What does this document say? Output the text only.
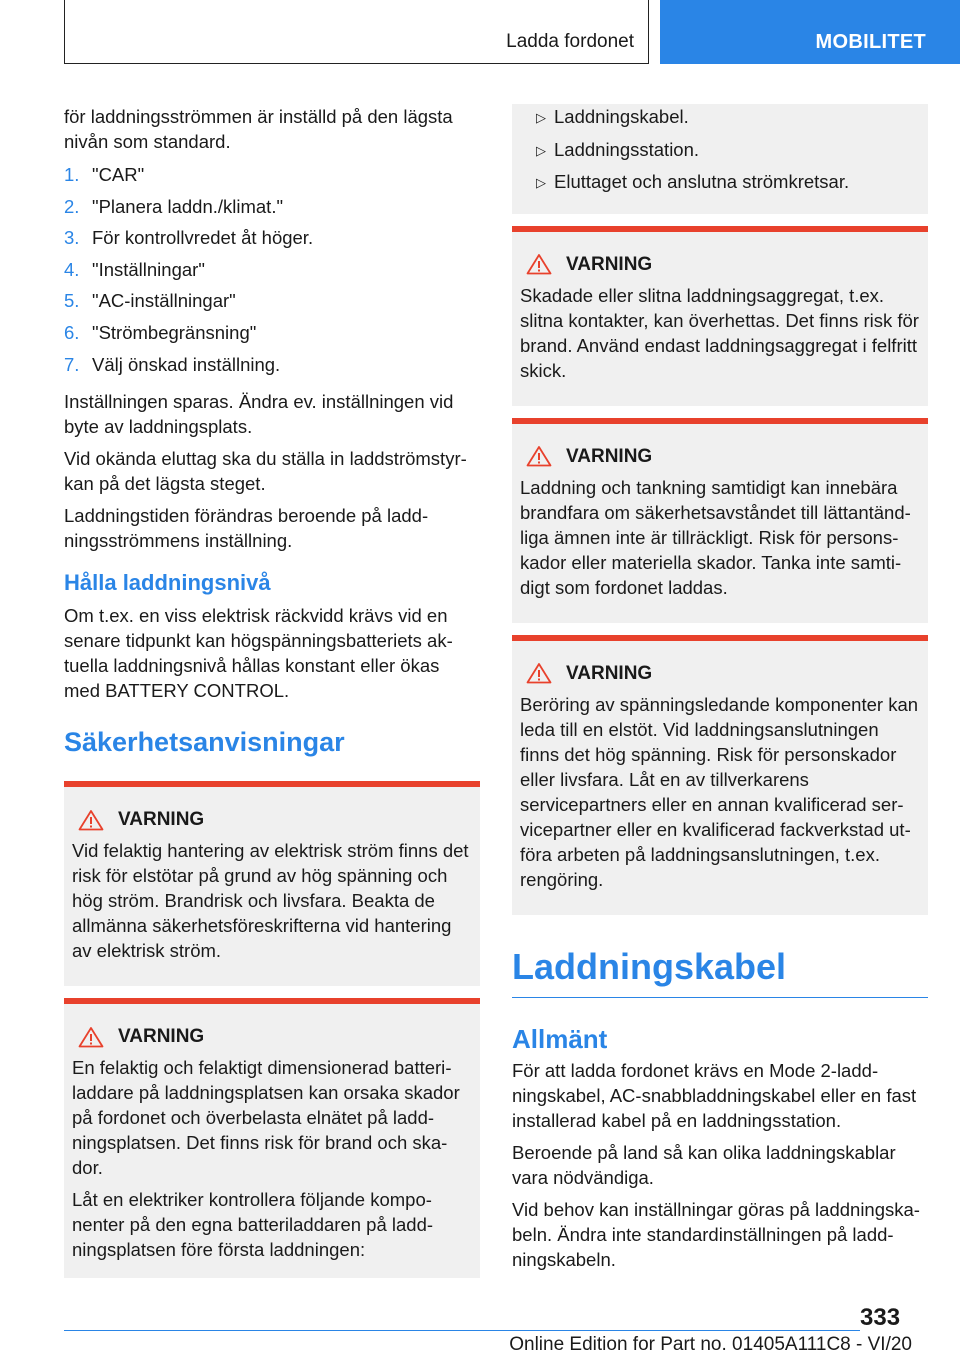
Ladda fordonet	MOBILITET

för laddningsströmmen är inställd på den lägsta nivån som standard.

1. "CAR"
2. "Planera laddn./klimat."
3. För kontrollvredet åt höger.
4. "Inställningar"
5. "AC-inställningar"
6. "Strömbegränsning"
7. Välj önskad inställning.

Inställningen sparas. Ändra ev. inställningen vid byte av laddningsplats.

Vid okända eluttag ska du ställa in laddströmstyrkan på det lägsta steget.

Laddningstiden förändras beroende på laddningsströmmens inställning.

Hålla laddningsnivå

Om t.ex. en viss elektrisk räckvidd krävs vid en senare tidpunkt kan högspänningsbatteriets aktuella laddningsnivå hållas konstant eller ökas med BATTERY CONTROL.

Säkerhetsanvisningar
VARNING

Vid felaktig hantering av elektrisk ström finns det risk för elstötar på grund av hög spänning och hög ström. Brandrisk och livsfara. Beakta de allmänna säkerhetsföreskrifterna vid hantering av elektrisk ström.

VARNING

En felaktig och felaktigt dimensionerad batteriladdare på laddningsplatsen kan orsaka skador på fordonet och överbelasta elnätet på laddningsplatsen. Det finns risk för brand och skador.

Låt en elektriker kontrollera följande komponenter på den egna batteriladdaren på laddningsplatsen före första laddningen:

▷ Laddningskabel.
▷ Laddningsstation.
▷ Eluttaget och anslutna strömkretsar.
VARNING

Skadade eller slitna laddningsaggregat, t.ex. slitna kontakter, kan överhettas. Det finns risk för brand. Använd endast laddningsaggregat i felfritt skick.

VARNING

Laddning och tankning samtidigt kan innebära brandfara om säkerhetsavståndet till lättantändliga ämnen inte är tillräckligt. Risk för personskador eller materiella skador. Tanka inte samtidigt som fordonet laddas.

VARNING

Beröring av spänningsledande komponenter kan leda till en elstöt. Vid laddningsanslutningen finns det hög spänning. Risk för personskador eller livsfara. Låt en av tillverkarens servicepartners eller en annan kvalificerad servicepartner eller en kvalificerad fackverkstad utföra arbeten på laddningsanslutningen, t.ex. rengöring.

Laddningskabel
Allmänt

För att ladda fordonet krävs en Mode 2-laddningskabel, AC-snabbladdningskabel eller en fast installerad kabel på en laddningsstation.

Beroende på land så kan olika laddningskablar vara nödvändiga.

Vid behov kan inställningar göras på laddningskabeln. Ändra inte standardinställningen på laddningskabeln.

333
Online Edition for Part no. 01405A111C8 - VI/20
